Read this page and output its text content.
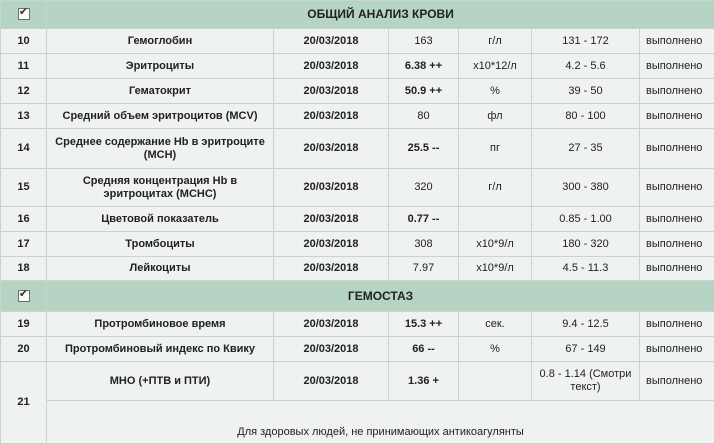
✔	ОБЩИЙ АНАЛИЗ КРОВИ					
10	Гемоглобин	20/03/2018	163	г/л	131 - 172	выполнено
11	Эритроциты	20/03/2018	6.38 ++	x10*12/л	4.2 - 5.6	выполнено
12	Гематокрит	20/03/2018	50.9 ++	%	39 - 50	выполнено
13	Средний объем эритроцитов (MCV)	20/03/2018	80	фл	80 - 100	выполнено
14	Среднее содержание Hb в эритроците (MCH)	20/03/2018	25.5 --	пг	27 - 35	выполнено
15	Средняя концентрация Hb в эритроцитах (MCHC)	20/03/2018	320	г/л	300 - 380	выполнено
16	Цветовой показатель	20/03/2018	0.77 --		0.85 - 1.00	выполнено
17	Тромбоциты	20/03/2018	308	x10*9/л	180 - 320	выполнено
18	Лейкоциты	20/03/2018	7.97	x10*9/л	4.5 - 11.3	выполнено

✔	ГЕМОСТАЗ					
19	Протромбиновое время	20/03/2018	15.3 ++	сек.	9.4 - 12.5	выполнено
20	Протромбиновый индекс по Квику	20/03/2018	66 --	%	67 - 149	выполнено
21	МНО (+ПТВ и ПТИ)	20/03/2018	1.36 +		0.8 - 1.14 (Смотри текст)	выполнено
	Для здоровых людей, не принимающих антикоагулянты					
